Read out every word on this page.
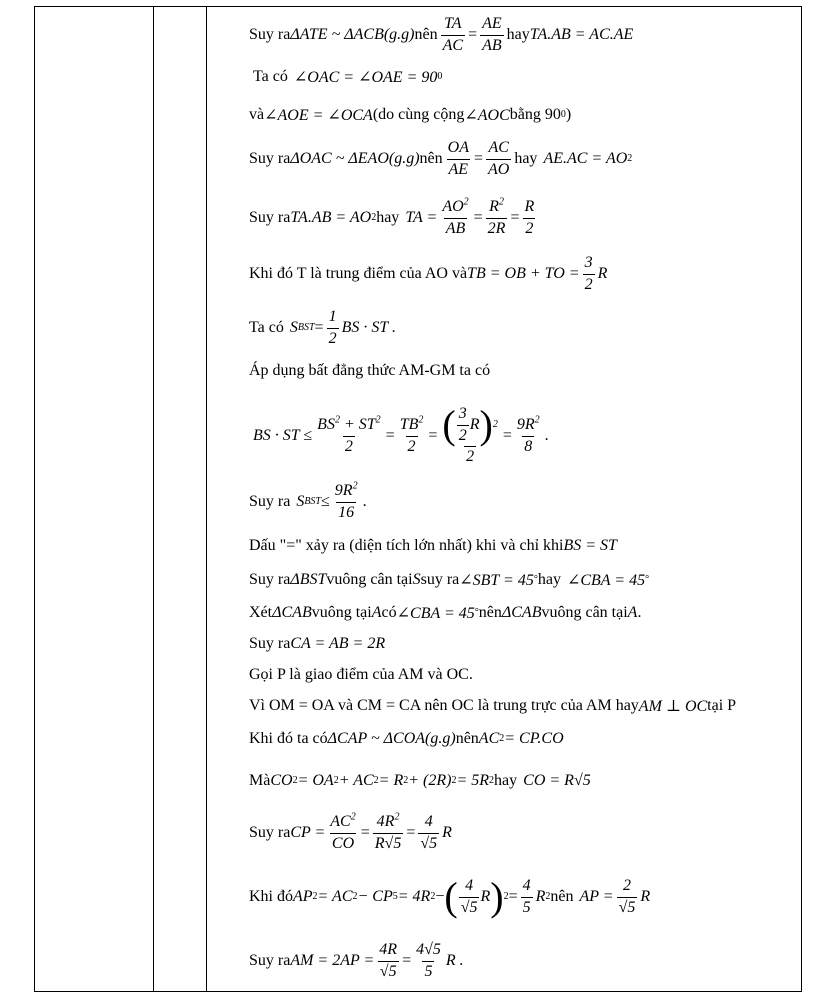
Suy ra ΔATE ~ ΔACB (g.g) nên $\frac{TA}{AC} = \frac{AE}{AB}$ hay TA.AB = AC.AE
Ta có ∠OAC = ∠OAE = 90 0
và ∠AOE = ∠OCA (do cùng cộng ∠AOC bằng 90 0 )
Suy ra ΔOAC ~ ΔEAO (g.g) nên $\frac{OA}{AE} = \frac{AC}{AO}$ hay AE.AC = AO 2
Suy ra TA.AB = AO 2 hay TA = $\frac{AO^2}{AB} = \frac{R^2}{2R} = \frac{R}{2}$
Khi đó T là trung điểm của AO và TB = OB + TO = $\frac{3}{2}$ R
Ta có S BST = $\frac{1}{2}$ BS · ST .
Áp dụng bất đẳng thức AM-GM ta có
BS · ST ≤ $\frac{BS^2 + ST^2}{2} = \frac{TB^2}{2} = \frac{( \frac{3}{2} R ) 2}{2} = \frac{9R^2}{8}$ .
Suy ra S BST ≤ $\frac{9R^2}{16}$ .
Dấu "=" xảy ra (diện tích lớn nhất) khi và chỉ khi BS = ST
Suy ra ΔBST vuông cân tại S suy ra ∠SBT = 45 ° hay ∠CBA = 45 °
Xét ΔCAB vuông tại A có ∠CBA = 45 ° nên ΔCAB vuông cân tại A .
Suy ra CA = AB = 2R
Gọi P là giao điểm của AM và OC.
Vì OM = OA và CM = CA nên OC là trung trực của AM hay AM ⊥ OC tại P
Khi đó ta có ΔCAP ~ ΔCOA (g.g) nên AC 2 = CP.CO
Mà CO 2 = OA 2 + AC 2 = R 2 + (2R) 2 = 5R 2 hay CO = R√5
Suy ra CP = $\frac{AC^2}{CO} = \frac{4R^2}{R√5} = \frac{4}{√5}$ R
Khi đó AP 2 = AC 2 − CP 5 = 4R 2 − ( $\frac{4}{√5}$ R ) $2 = \frac{4}{5}$ R 2 nên AP = $\frac{2}{√5}$ R
Suy ra AM = $2AP = \frac{4R}{√5} = \frac{4√5}{5}$ R .
